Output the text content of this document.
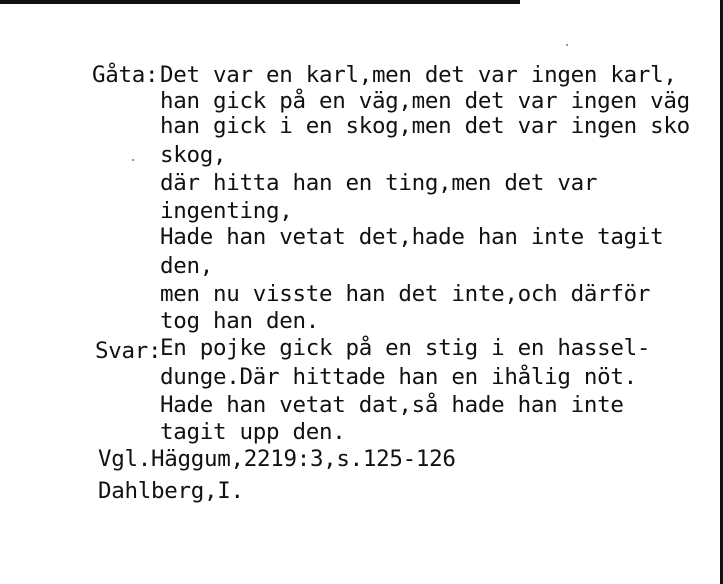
Gåta: Det var en karl,men det var ingen karl,
han gick på en väg,men det var ingen väg
han gick i en skog,men det var ingen sko
skog,
där hitta han en ting,men det var
ingenting,
Hade han vetat det,hade han inte tagit
den,
men nu visste han det inte,och därför
tog han den.
Svar:
En pojke gick på en stig i en hassel-
dunge.Där hittade han en ihålig nöt.
Hade han vetat dat,så hade han inte
tagit upp den.
Vgl.Häggum,2219:3,s.125-126
Dahlberg,I.
